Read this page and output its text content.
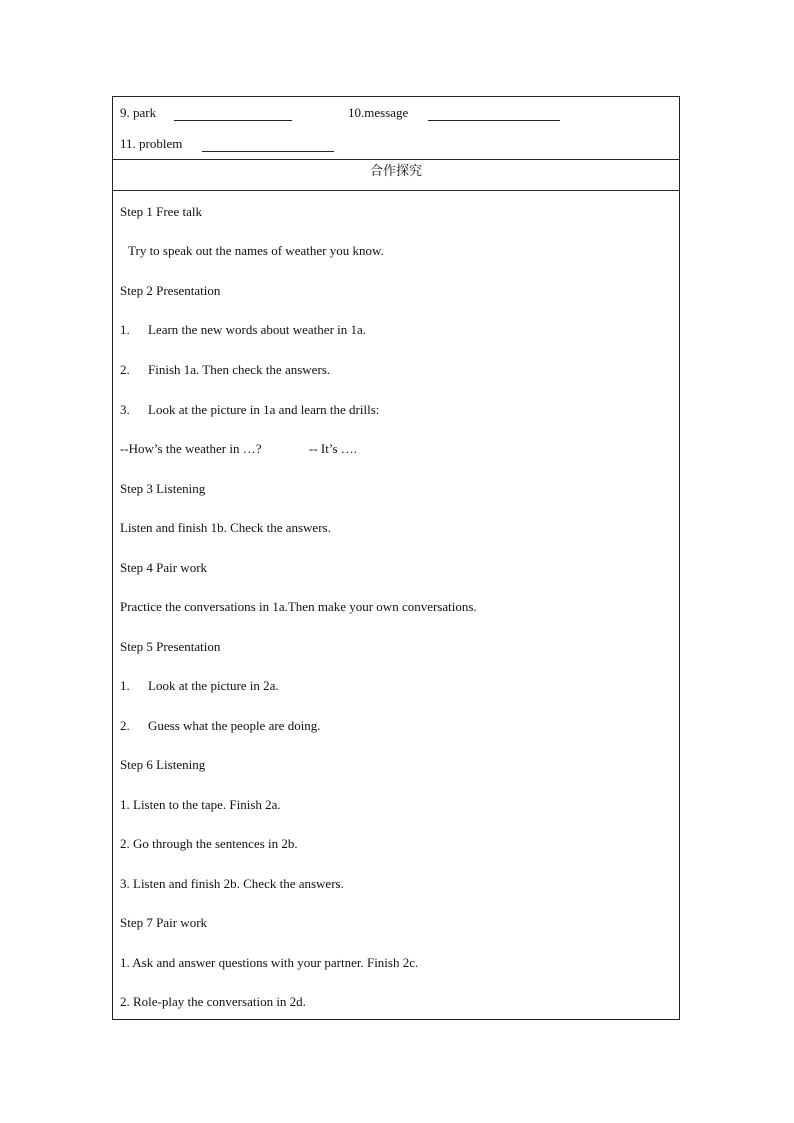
9. park	10.message
11. problem
合作探究
Step 1 Free talk
Try to speak out the names of weather you know.
Step 2 Presentation
1. Learn the new words about weather in 1a.
2. Finish 1a. Then check the answers.
3. Look at the picture in 1a and learn the drills:
--How’s the weather in …?	-- It’s ….
Step 3 Listening
Listen and finish 1b. Check the answers.
Step 4 Pair work
Practice the conversations in 1a.Then make your own conversations.
Step 5 Presentation
1. Look at the picture in 2a.
2. Guess what the people are doing.
Step 6 Listening
1. Listen to the tape. Finish 2a.
2. Go through the sentences in 2b.
3. Listen and finish 2b. Check the answers.
Step 7 Pair work
1. Ask and answer questions with your partner. Finish 2c.
2. Role-play the conversation in 2d.
